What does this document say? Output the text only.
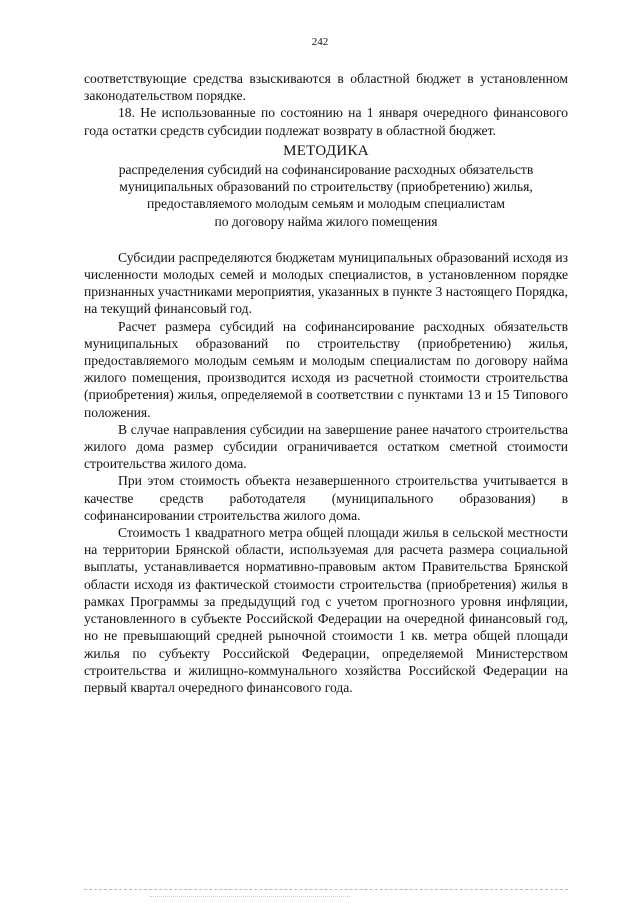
242

соответствующие средства взыскиваются в областной бюджет в установленном законодательством порядке.

18. Не использованные по состоянию на 1 января очередного финансового года остатки средств субсидии подлежат возврату в областной бюджет.

МЕТОДИКА

распределения субсидий на софинансирование расходных обязательств

муниципальных образований по строительству (приобретению) жилья,

предоставляемого молодым семьям и молодым специалистам

по договору найма жилого помещения

Субсидии распределяются бюджетам муниципальных образований исходя из численности молодых семей и молодых специалистов, в установленном порядке признанных участниками мероприятия, указанных в пункте 3 настоящего Порядка, на текущий финансовый год.

Расчет размера субсидий на софинансирование расходных обязательств муниципальных образований по строительству (приобретению) жилья, предоставляемого молодым семьям и молодым специалистам по договору найма жилого помещения, производится исходя из расчетной стоимости строительства (приобретения) жилья, определяемой в соответствии с пунктами 13 и 15 Типового положения.

В случае направления субсидии на завершение ранее начатого строительства жилого дома размер субсидии ограничивается остатком сметной стоимости строительства жилого дома.

При этом стоимость объекта незавершенного строительства учитывается в качестве средств работодателя (муниципального образования) в софинансировании строительства жилого дома.

Стоимость 1 квадратного метра общей площади жилья в сельской местности на территории Брянской области, используемая для расчета размера социальной выплаты, устанавливается нормативно-правовым актом Правительства Брянской области исходя из фактической стоимости строительства (приобретения) жилья в рамках Программы за предыдущий год с учетом прогнозного уровня инфляции, установленного в субъекте Российской Федерации на очередной финансовый год, но не превышающий средней рыночной стоимости 1 кв. метра общей площади жилья по субъекту Российской Федерации, определяемой Министерством строительства и жилищно-коммунального хозяйства Российской Федерации на первый квартал очередного финансового года.
